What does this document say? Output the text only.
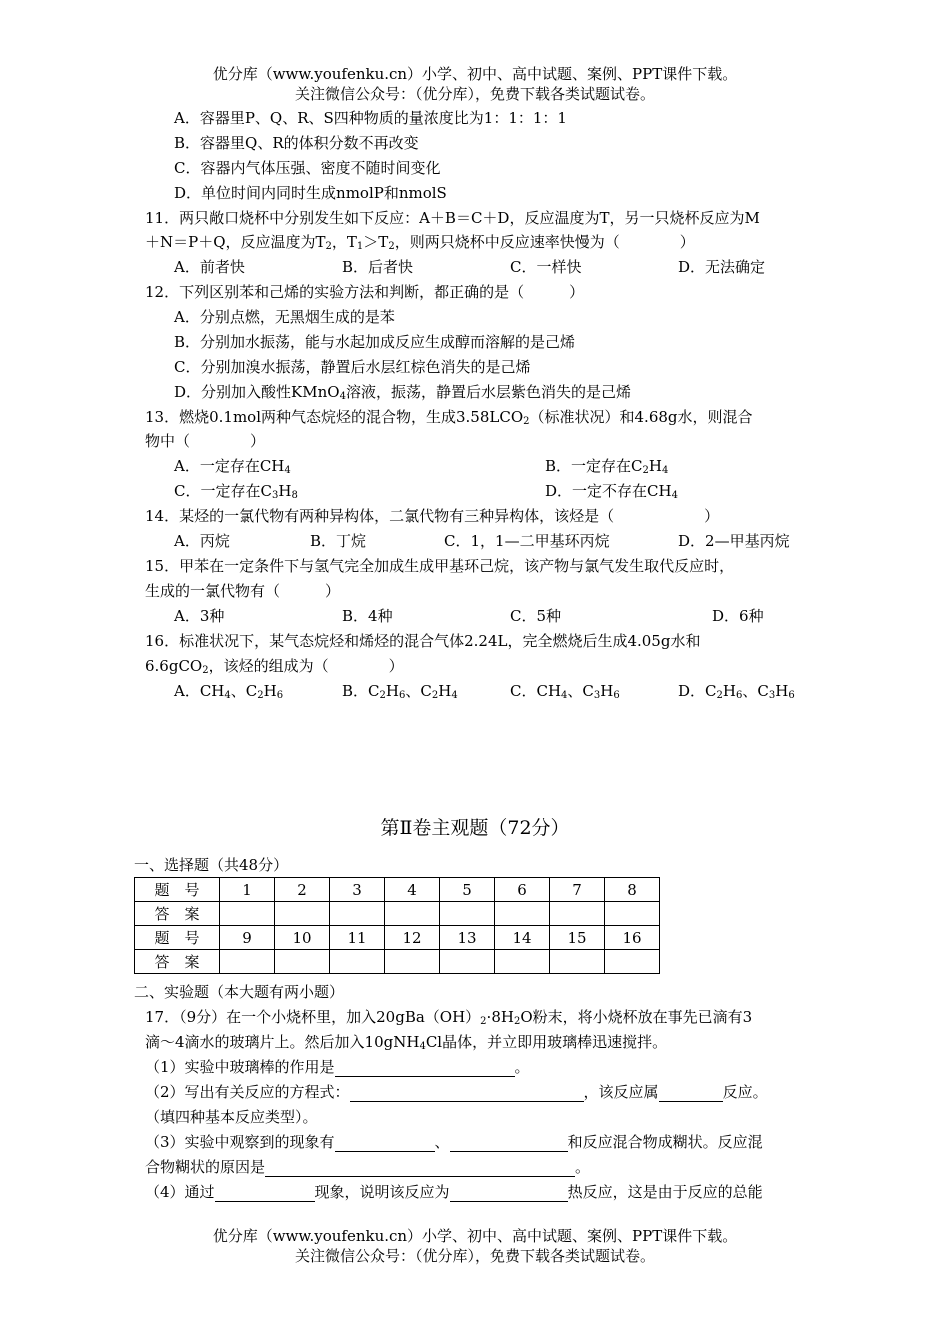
优分库（www.youfenku.cn）小学、初中、高中试题、案例、PPT课件下载。
关注微信公众号：（优分库），免费下载各类试题试卷。
A．容器里P、Q、R、S四种物质的量浓度比为1：1：1：1
B．容器里Q、R的体积分数不再改变
C．容器内气体压强、密度不随时间变化
D．单位时间内同时生成nmolP和nmolS
11．两只敞口烧杯中分别发生如下反应：A＋B＝C＋D，反应温度为T，另一只烧杯反应为M
＋N＝P＋Q，反应温度为$T_2$，$T_1>T_2$，则两只烧杯中反应速率快慢为（　　　　）
A．前者快	B．后者快	C．一样快	D．无法确定
12．下列区别苯和己烯的实验方法和判断，都正确的是（　　　）
A．分别点燃，无黑烟生成的是苯
B．分别加水振荡，能与水起加成反应生成醇而溶解的是己烯
C．分别加溴水振荡，静置后水层红棕色消失的是己烯
D．分别加入酸性KMnO$_4$溶液，振荡，静置后水层紫色消失的是己烯
13．燃烧0.1mol两种气态烷烃的混合物，生成$3.58LCO_2$（标准状况）和4.68g水，则混合
物中（　　　　）
A．一定存在$CH_4$	B．一定存在$C_2H_4$
C．一定存在$C_3H_8$	D．一定不存在$CH_4$
14．某烃的一氯代物有两种异构体，二氯代物有三种异构体，该烃是（　　　　　　）
A．丙烷	B．丁烷	C．1，1—二甲基环丙烷	D．2—甲基丙烷
15．甲苯在一定条件下与氢气完全加成生成甲基环己烷，该产物与氯气发生取代反应时，
生成的一氯代物有（　　　）
A．3种	B．4种	C．5种	D．6种
16．标准状况下，某气态烷烃和烯烃的混合气体2.24L，完全燃烧后生成4.05g水和
6.6gCO$_2$，该烃的组成为（　　　　）
A．$CH_4$、$C_2H_6$	B．$C_2H_6$、$C_2H_4$	C．$CH_4$、$C_3H_6$	D．$C_2H_6$、$C_3H_6$
第Ⅱ卷主观题（72分）
一、选择题（共48分）
题　号	1	2	3	4	5	6	7	8
答　案								
题　号	9	10	11	12	13	14	15	16
答　案								
二、实验题（本大题有两小题）
17．（9分）在一个小烧杯里，加入$20gBa(OH)_2\cdot 8H_2O$粉末，将小烧杯放在事先已滴有3
滴～4滴水的玻璃片上。然后加入10gNH$_4$Cl晶体，并立即用玻璃棒迅速搅拌。
（1）实验中玻璃棒的作用是	。
（2）写出有关反应的方程式：	，该反应属	反应。
（填四种基本反应类型）。
（3）实验中观察到的现象有	、	和反应混合物成糊状。反应混
合物糊状的原因是	。
（4）通过	现象，说明该反应为	热反应，这是由于反应的总能
优分库（www.youfenku.cn）小学、初中、高中试题、案例、PPT课件下载。
关注微信公众号：（优分库），免费下载各类试题试卷。
